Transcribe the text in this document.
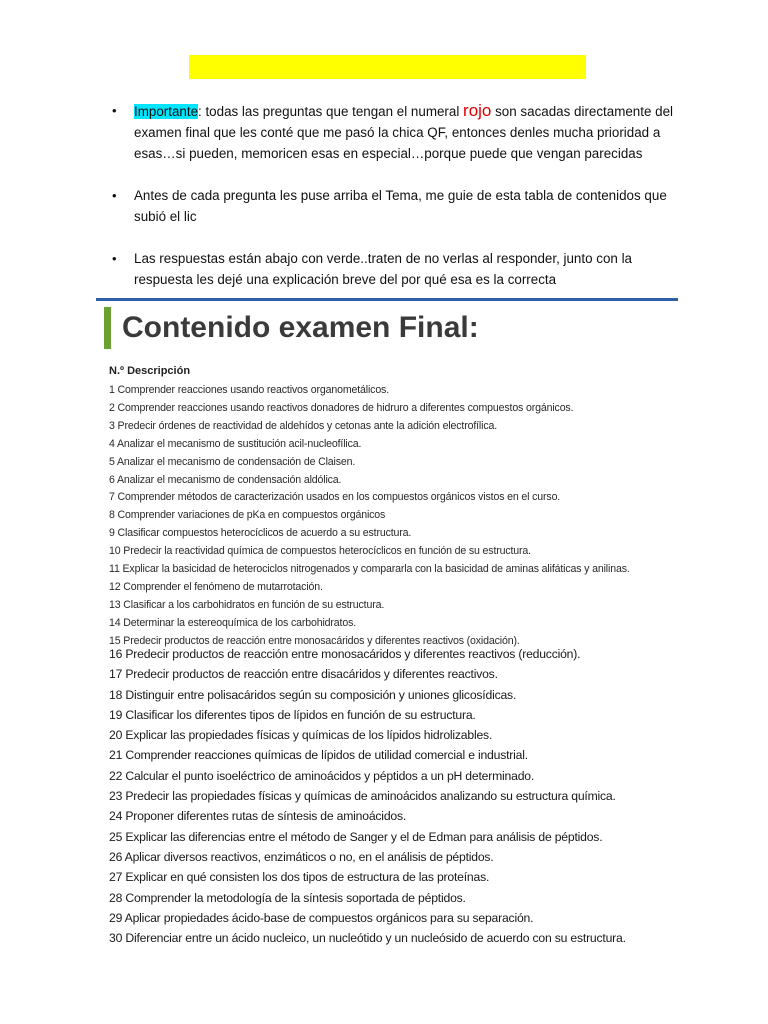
• Importante: todas las preguntas que tengan el numeral rojo son sacadas directamente del examen final que les conté que me pasó la chica QF, entonces denles mucha prioridad a esas…si pueden, memoricen esas en especial…porque puede que vengan parecidas
• Antes de cada pregunta les puse arriba el Tema, me guie de esta tabla de contenidos que subió el lic
• Las respuestas están abajo con verde..traten de no verlas al responder, junto con la respuesta les dejé una explicación breve del por qué esa es la correcta
Contenido examen Final:
N.º Descripción
1 Comprender reacciones usando reactivos organometálicos.
2 Comprender reacciones usando reactivos donadores de hidruro a diferentes compuestos orgánicos.
3 Predecir órdenes de reactividad de aldehídos y cetonas ante la adición electrofílica.
4 Analizar el mecanismo de sustitución acil-nucleofílica.
5 Analizar el mecanismo de condensación de Claisen.
6 Analizar el mecanismo de condensación aldólica.
7 Comprender métodos de caracterización usados en los compuestos orgánicos vistos en el curso.
8 Comprender variaciones de pKa en compuestos orgánicos
9 Clasificar compuestos heterocíclicos de acuerdo a su estructura.
10 Predecir la reactividad química de compuestos heterocíclicos en función de su estructura.
11 Explicar la basicidad de heterociclos nitrogenados y compararla con la basicidad de aminas alifáticas y anilinas.
12 Comprender el fenómeno de mutarrotación.
13 Clasificar a los carbohidratos en función de su estructura.
14 Determinar la estereoquímica de los carbohidratos.
15 Predecir productos de reacción entre monosacáridos y diferentes reactivos (oxidación).
16 Predecir productos de reacción entre monosacáridos y diferentes reactivos (reducción).
17 Predecir productos de reacción entre disacáridos y diferentes reactivos.
18 Distinguir entre polisacáridos según su composición y uniones glicosídicas.
19 Clasificar los diferentes tipos de lípidos en función de su estructura.
20 Explicar las propiedades físicas y químicas de los lípidos hidrolizables.
21 Comprender reacciones químicas de lípidos de utilidad comercial e industrial.
22 Calcular el punto isoeléctrico de aminoácidos y péptidos a un pH determinado.
23 Predecir las propiedades físicas y químicas de aminoácidos analizando su estructura química.
24 Proponer diferentes rutas de síntesis de aminoácidos.
25 Explicar las diferencias entre el método de Sanger y el de Edman para análisis de péptidos.
26 Aplicar diversos reactivos, enzimáticos o no, en el análisis de péptidos.
27 Explicar en qué consisten los dos tipos de estructura de las proteínas.
28 Comprender la metodología de la síntesis soportada de péptidos.
29 Aplicar propiedades ácido-base de compuestos orgánicos para su separación.
30 Diferenciar entre un ácido nucleico, un nucleótido y un nucleósido de acuerdo con su estructura.
